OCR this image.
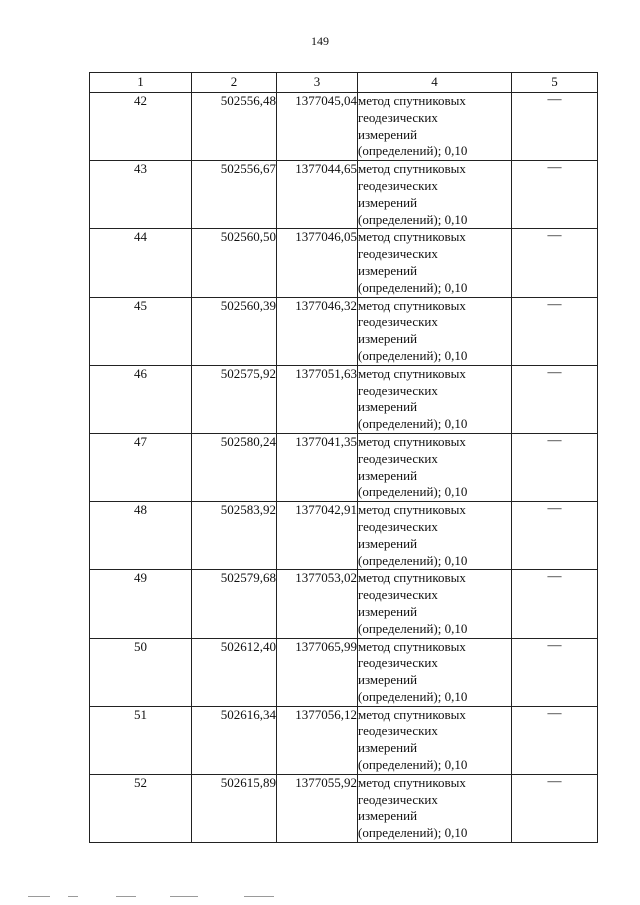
149
1	2	3	4	5
42	502556,48	1377045,04	метод спутниковых
геодезических
измерений
(определений); 0,10	—
43	502556,67	1377044,65	метод спутниковых
геодезических
измерений
(определений); 0,10	—
44	502560,50	1377046,05	метод спутниковых
геодезических
измерений
(определений); 0,10	—
45	502560,39	1377046,32	метод спутниковых
геодезических
измерений
(определений); 0,10	—
46	502575,92	1377051,63	метод спутниковых
геодезических
измерений
(определений); 0,10	—
47	502580,24	1377041,35	метод спутниковых
геодезических
измерений
(определений); 0,10	—
48	502583,92	1377042,91	метод спутниковых
геодезических
измерений
(определений); 0,10	—
49	502579,68	1377053,02	метод спутниковых
геодезических
измерений
(определений); 0,10	—
50	502612,40	1377065,99	метод спутниковых
геодезических
измерений
(определений); 0,10	—
51	502616,34	1377056,12	метод спутниковых
геодезических
измерений
(определений); 0,10	—
52	502615,89	1377055,92	метод спутниковых
геодезических
измерений
(определений); 0,10	—
